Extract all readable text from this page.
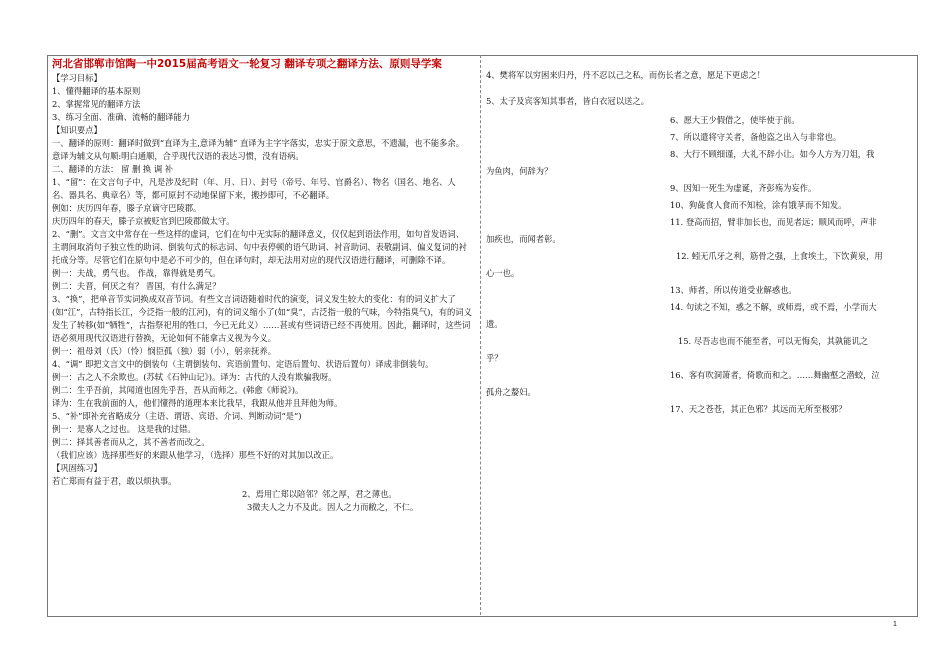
河北省邯郸市馆陶一中2015届高考语文一轮复习 翻译专项之翻译方法、原则导学案
【学习目标】
1、懂得翻译的基本原则
2、掌握常见的翻译方法
3、练习全面、准确、流畅的翻译能力
【知识要点】
一、翻译的原则：翻译时做到“直译为主,意译为辅” 直译为主字字落实，忠实于原文意思，不遗漏，也不能多余。意译为辅文从句顺:明白通顺，合乎现代汉语的表达习惯，没有语病。
二、翻译的方法： 留 删 换 调 补
1、“留”：在文言句子中，凡是涉及纪时（年、月、日）、封号（帝号、年号、官爵名）、物名（国名、地名、人名、器具名、典章名）等，都可原封不动地保留下来，搬抄即可，不必翻译。
例如：庆历四年春，滕子京谪守巴陵郡。
庆历四年的春天，滕子京被贬官到巴陵郡做太守。
2、“删”。文言文中常存在一些这样的虚词，它们在句中无实际的翻译意义，仅仅起到语法作用，如句首发语词、主谓间取消句子独立性的助词、倒装句式的标志词、句中表停顿的语气助词、衬音助词、表敬副词、偏义复词的衬托成分等。尽管它们在原句中是必不可少的，但在译句时，却无法用对应的现代汉语进行翻译，可删除不译。
例一：夫战，勇气也。 作战，靠得就是勇气。
例二：夫晋，何厌之有？ 晋国，有什么满足？
3、“换”，把单音节实词换成双音节词。有些文言词语随着时代的演变，词义发生较大的变化：有的词义扩大了(如“江”，古特指长江，今泛指一般的江河)，有的词义缩小了(如“臭”，古泛指一般的气味，今特指臭气)，有的词义发生了转移(如“牺牲”，古指祭祀用的牲口，今已无此义）……甚或有些词语已经不再使用。因此，翻译时，这些词语必须用现代汉语进行替换，无论如何不能拿古义视为今义。
例一：祖母刘（氏）（怜）悯臣孤（独）弱（小），躬亲抚养。
4、“调” 即把文言文中的倒装句（主谓倒装句、宾语前置句、定语后置句、状语后置句）译成非倒装句。
例一：古之人不余欺也。(苏轼《石钟山记》)。译为：古代的人没有欺骗我呀。
例二：生乎吾前，其闻道也固先乎吾，吾从而师之。(韩愈《师说》)。
译为：生在我前面的人，他们懂得的道理本来比我早，我跟从他并且拜他为师。
5、“补”即补充省略成分（主语、谓语、宾语、介词、判断动词“是”)
例一：是寡人之过也。 这是我的过错。
例二：择其善者而从之，其不善者而改之。
（我们应该）选择那些好的来跟从他学习，（选择）那些不好的对其加以改正。
【巩固练习】
若亡郑而有益于君，敢以烦执事。
2、焉用亡郑以陪邻？邻之厚，君之薄也。
3微夫人之力不及此。因人之力而敝之，不仁。
4、樊将军以穷困来归丹，丹不忍以己之私，而伤长者之意，愿足下更虑之！
5、太子及宾客知其事者，皆白衣冠以送之。
6、愿大王少假借之，使毕使于前。
7、所以遣将守关者，备他盗之出入与非常也。
8、大行不顾细谨，大礼不辞小让。如今人方为刀俎，我
为鱼肉，何辞为？
9、因知一死生为虚诞，齐彭殇为妄作。
10、狗彘食人食而不知检，涂有饿莩而不知发。
11. 登高而招，臂非加长也，而见者远；顺风而呼，声非
加疾也，而闻者彰。
12. 蚓无爪牙之利，筋骨之强，上食埃土，下饮黄泉，用
心一也。
13、师者，所以传道受业解惑也。
14. 句读之不知，惑之不解，或师焉，或不焉，小学而大
遗。
15. 尽吾志也而不能至者，可以无悔矣，其孰能讥之
乎？
16、客有吹洞箫者，倚歌而和之。……舞幽壑之潜蛟，泣
孤舟之嫠妇。
17、天之苍苍，其正色邪？其远而无所至极邪？
1
